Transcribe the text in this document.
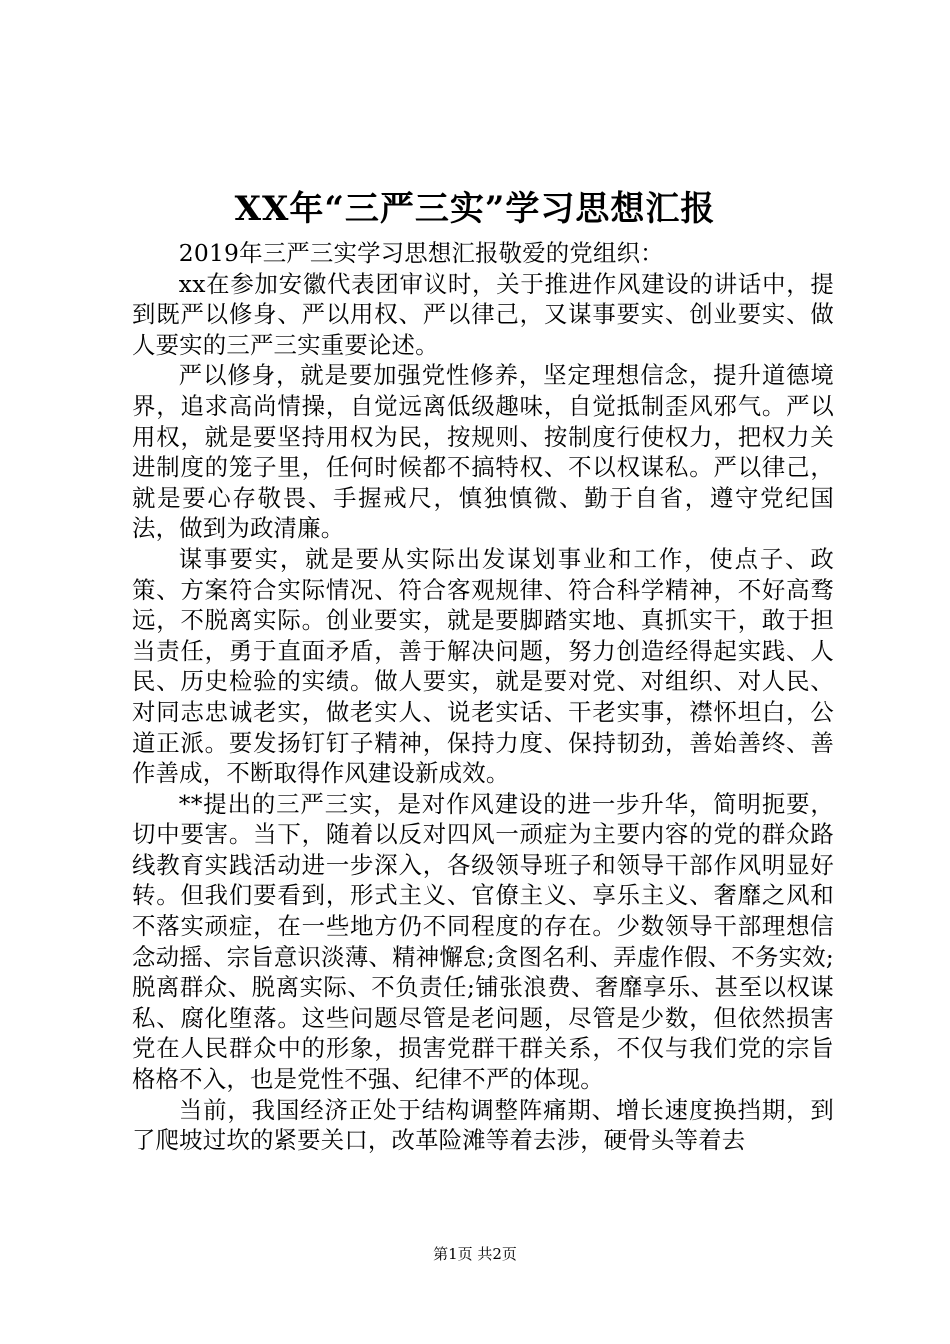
XX年“三严三实”学习思想汇报

2019年三严三实学习思想汇报敬爱的党组织：

xx在参加安徽代表团审议时，关于推进作风建设的讲话中，提到既严以修身、严以用权、严以律己，又谋事要实、创业要实、做人要实的三严三实重要论述。

严以修身，就是要加强党性修养，坚定理想信念，提升道德境界，追求高尚情操，自觉远离低级趣味，自觉抵制歪风邪气。严以用权，就是要坚持用权为民，按规则、按制度行使权力，把权力关进制度的笼子里，任何时候都不搞特权、不以权谋私。严以律己，就是要心存敬畏、手握戒尺，慎独慎微、勤于自省，遵守党纪国法，做到为政清廉。

谋事要实，就是要从实际出发谋划事业和工作，使点子、政策、方案符合实际情况、符合客观规律、符合科学精神，不好高骛远，不脱离实际。创业要实，就是要脚踏实地、真抓实干，敢于担当责任，勇于直面矛盾，善于解决问题，努力创造经得起实践、人民、历史检验的实绩。做人要实，就是要对党、对组织、对人民、对同志忠诚老实，做老实人、说老实话、干老实事，襟怀坦白，公道正派。要发扬钉钉子精神，保持力度、保持韧劲，善始善终、善作善成，不断取得作风建设新成效。

**提出的三严三实，是对作风建设的进一步升华，简明扼要，切中要害。当下，随着以反对四风一顽症为主要内容的党的群众路线教育实践活动进一步深入，各级领导班子和领导干部作风明显好转。但我们要看到，形式主义、官僚主义、享乐主义、奢靡之风和不落实顽症，在一些地方仍不同程度的存在。少数领导干部理想信念动摇、宗旨意识淡薄、精神懈怠;贪图名利、弄虚作假、不务实效;脱离群众、脱离实际、不负责任;铺张浪费、奢靡享乐、甚至以权谋私、腐化堕落。这些问题尽管是老问题，尽管是少数，但依然损害党在人民群众中的形象，损害党群干群关系，不仅与我们党的宗旨格格不入，也是党性不强、纪律不严的体现。

当前，我国经济正处于结构调整阵痛期、增长速度换挡期，到了爬坡过坎的紧要关口，改革险滩等着去涉，硬骨头等着去

第1页 共2页
